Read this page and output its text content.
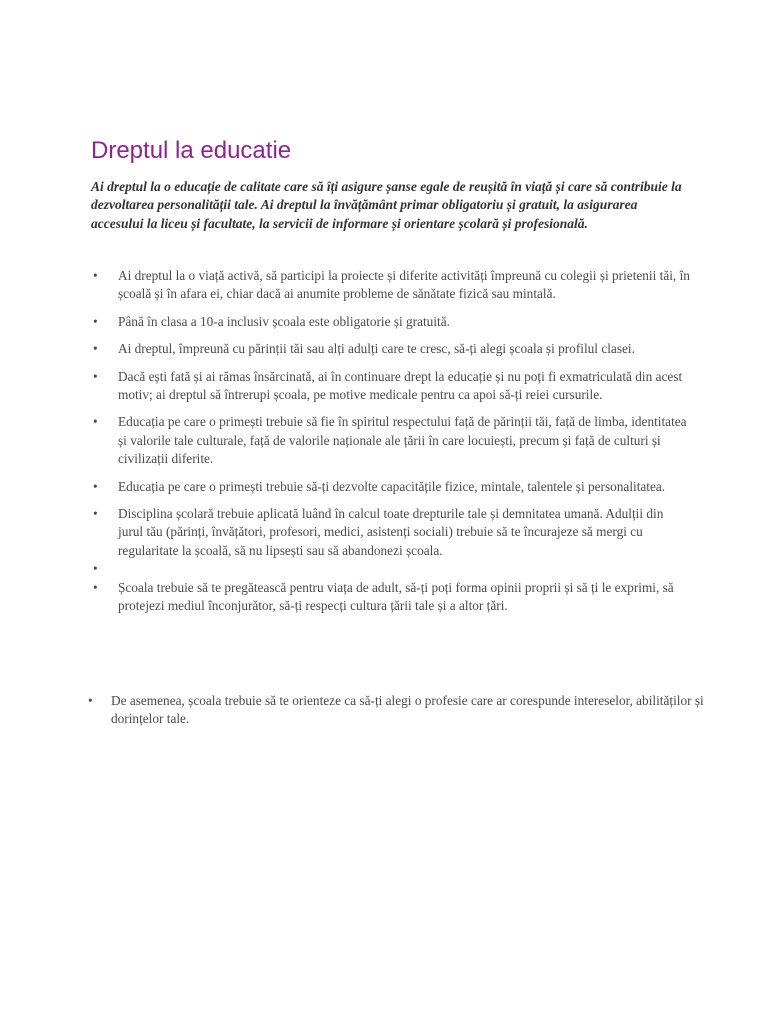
Dreptul la educatie

Ai dreptul la o educație de calitate care să îți asigure șanse egale de reușită în viață și care să contribuie la dezvoltarea personalității tale. Ai dreptul la învățământ primar obligatoriu și gratuit, la asigurarea accesului la liceu și facultate, la servicii de informare și orientare școlară și profesională.

• Ai dreptul la o viață activă, să participi la proiecte și diferite activități împreună cu colegii și prietenii tăi, în școală și în afara ei, chiar dacă ai anumite probleme de sănătate fizică sau mintală.
• Până în clasa a 10-a inclusiv școala este obligatorie și gratuită.
• Ai dreptul, împreună cu părinții tăi sau alți adulți care te cresc, să-ți alegi școala și profilul clasei.
• Dacă ești fată și ai rămas însărcinată, ai în continuare drept la educație și nu poți fi exmatriculată din acest motiv; ai dreptul să întrerupi școala, pe motive medicale pentru ca apoi să-ți reiei cursurile.
• Educația pe care o primești trebuie să fie în spiritul respectului față de părinții tăi, față de limba, identitatea și valorile tale culturale, față de valorile naționale ale țării în care locuiești, precum și față de culturi și civilizații diferite.
• Educația pe care o primești trebuie să-ți dezvolte capacitățile fizice, mintale, talentele și personalitatea.
• Disciplina școlară trebuie aplicată luând în calcul toate drepturile tale și demnitatea umană. Adulții din jurul tău (părinți, învățători, profesori, medici, asistenți sociali) trebuie să te încurajeze să mergi cu regularitate la școală, să nu lipsești sau să abandonezi școala.
•
• Școala trebuie să te pregătească pentru viața de adult, să-ți poți forma opinii proprii și să ți le exprimi, să protejezi mediul înconjurător, să-ți respecți cultura țării tale și a altor țări.

• De asemenea, școala trebuie să te orienteze ca să-ți alegi o profesie care ar corespunde intereselor, abilităților și dorințelor tale.
